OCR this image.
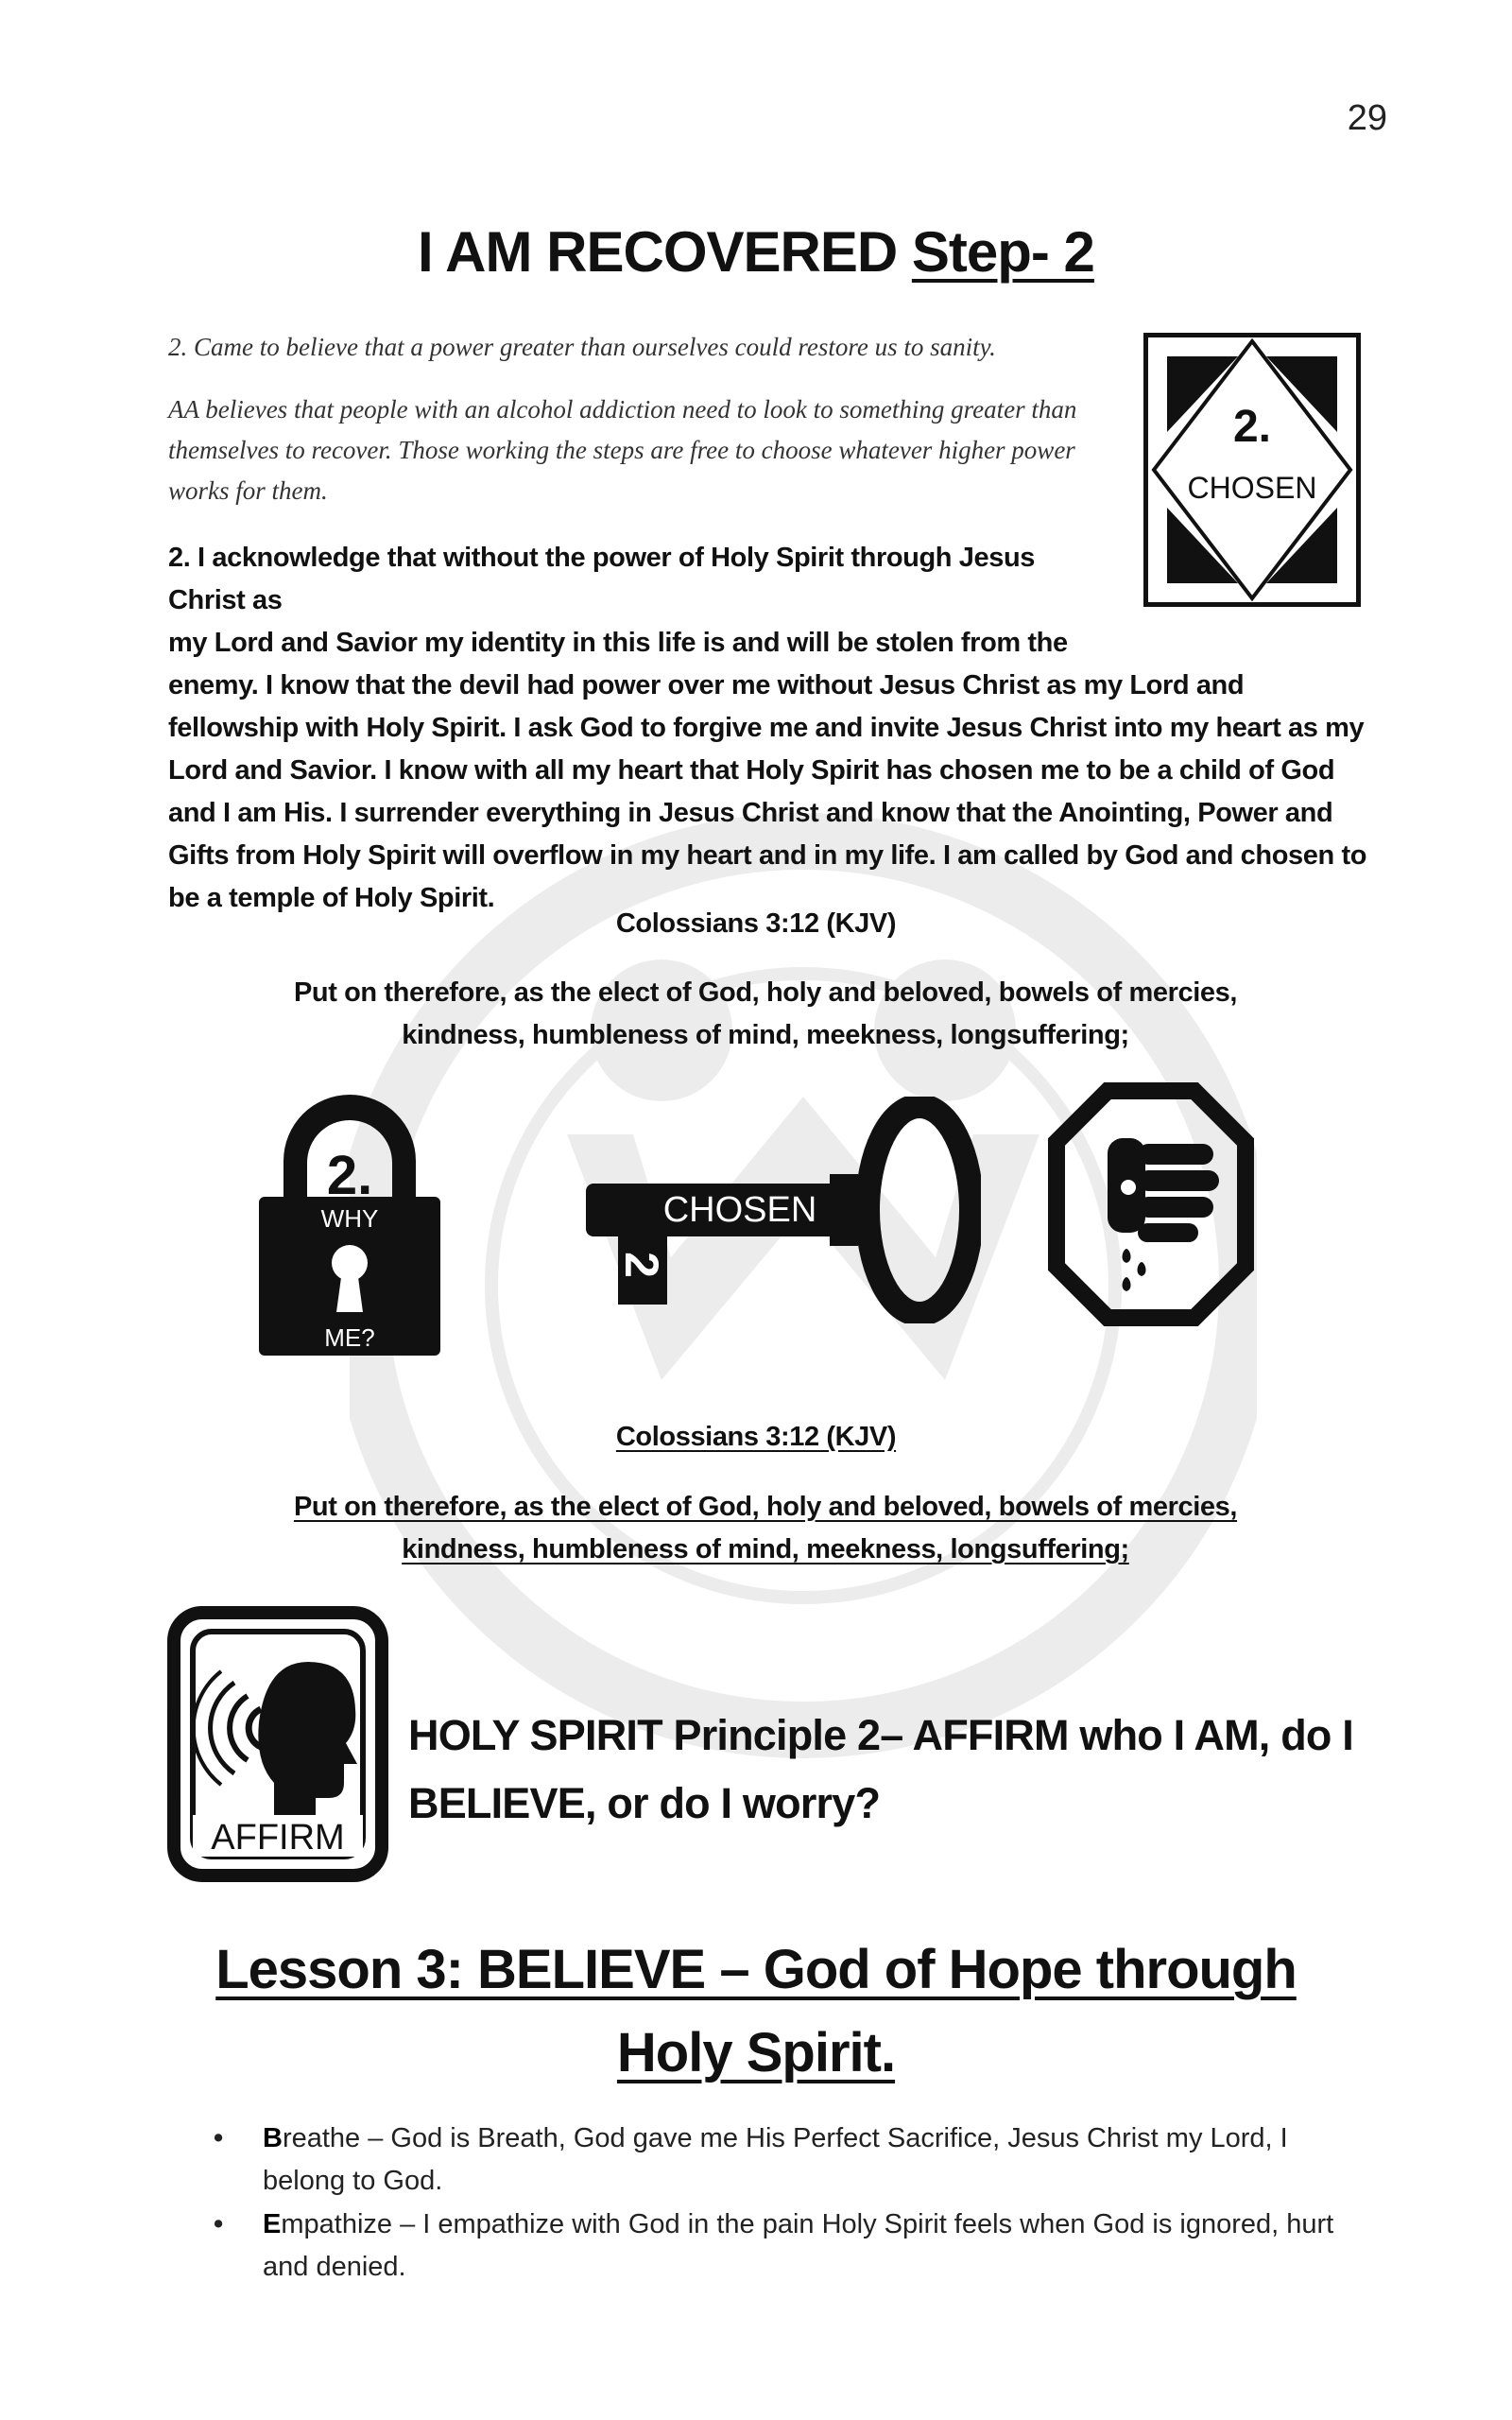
29
I AM RECOVERED Step- 2
2. Came to believe that a power greater than ourselves could restore us to sanity.
AA believes that people with an alcohol addiction need to look to something greater than themselves to recover. Those working the steps are free to choose whatever higher power works for them.
2.
CHOSEN
2. I acknowledge that without the power of Holy Spirit through Jesus Christ as
my Lord and Savior my identity in this life is and will be stolen from the
enemy. I know that the devil had power over me without Jesus Christ as my Lord and fellowship with Holy Spirit. I ask God to forgive me and invite Jesus Christ into my heart as my Lord and Savior. I know with all my heart that Holy Spirit has chosen me to be a child of God and I am His. I surrender everything in Jesus Christ and know that the Anointing, Power and Gifts from Holy Spirit will overflow in my heart and in my life. I am called by God and chosen to be a temple of Holy Spirit.
Colossians 3:12 (KJV)
Put on therefore, as the elect of God, holy and beloved, bowels of mercies, kindness, humbleness of mind, meekness, longsuffering;
2.
WHY
ME?
CHOSEN
2
Colossians 3:12 (KJV)
Put on therefore, as the elect of God, holy and beloved, bowels of mercies, kindness, humbleness of mind, meekness, longsuffering;
AFFIRM
HOLY SPIRIT Principle 2– AFFIRM who I AM, do I BELIEVE, or do I worry?
Lesson 3: BELIEVE – God of Hope through Holy Spirit.
• Breathe – God is Breath, God gave me His Perfect Sacrifice, Jesus Christ my Lord, I belong to God.
• Empathize – I empathize with God in the pain Holy Spirit feels when God is ignored, hurt and denied.
